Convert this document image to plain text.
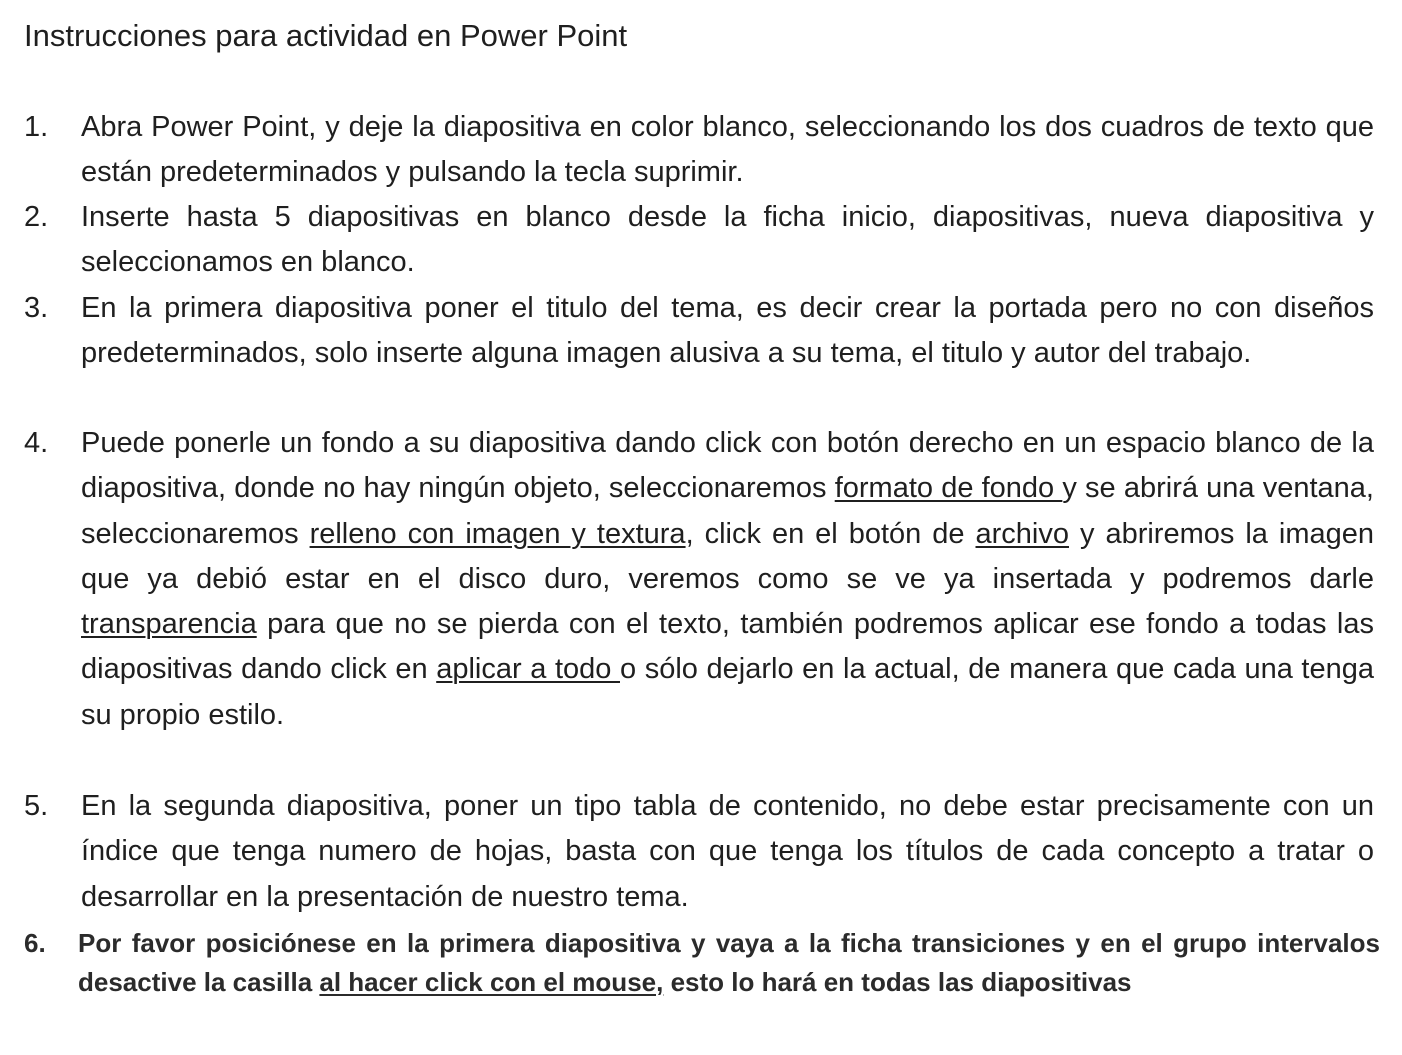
Instrucciones para actividad en Power Point
1. Abra Power Point, y deje la diapositiva en color blanco, seleccionando los dos cuadros de texto que están predeterminados y pulsando la tecla suprimir.
2. Inserte hasta 5 diapositivas en blanco desde la ficha inicio, diapositivas, nueva diapositiva y seleccionamos en blanco.
3. En la primera diapositiva poner el titulo del tema, es decir crear la portada pero no con diseños predeterminados, solo inserte alguna imagen alusiva a su tema, el titulo y autor del trabajo.
4. Puede ponerle un fondo a su diapositiva dando click con botón derecho en un espacio blanco de la diapositiva, donde no hay ningún objeto, seleccionaremos formato de fondo y se abrirá una ventana, seleccionaremos relleno con imagen y textura, click en el botón de archivo y abriremos la imagen que ya debió estar en el disco duro, veremos como se ve ya insertada y podremos darle transparencia para que no se pierda con el texto, también podremos aplicar ese fondo a todas las diapositivas dando click en aplicar a todo o sólo dejarlo en la actual, de manera que cada una tenga su propio estilo.
5. En la segunda diapositiva, poner un tipo tabla de contenido, no debe estar precisamente con un índice que tenga numero de hojas, basta con que tenga los títulos de cada concepto a tratar o desarrollar en la presentación de nuestro tema.
6. Por favor posiciónese en la primera diapositiva y vaya a la ficha transiciones y en el grupo intervalos desactive la casilla al hacer click con el mouse, esto lo hará en todas las diapositivas
